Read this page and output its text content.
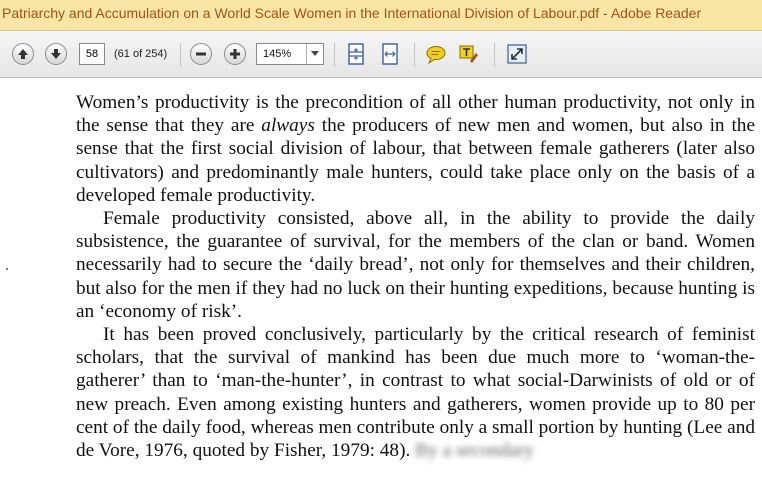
Patriarchy and Accumulation on a World Scale Women in the International Division of Labour.pdf - Adobe Reader
58	(61 of 254)	145%

Women’s productivity is the precondition of all other human productivity, not only in the sense that they are always the producers of new men and women, but also in the sense that the first social division of labour, that between female gatherers (later also cultivators) and predominantly male hunters, could take place only on the basis of a developed female productivity.

Female productivity consisted, above all, in the ability to provide the daily subsistence, the guarantee of survival, for the members of the clan or band. Women necessarily had to secure the ‘daily bread’, not only for themselves and their children, but also for the men if they had no luck on their hunting expeditions, because hunting is an ‘economy of risk’.

It has been proved conclusively, particularly by the critical research of feminist scholars, that the survival of mankind has been due much more to ‘woman-the-gatherer’ than to ‘man-the-hunter’, in contrast to what social-Darwinists of old or of new preach. Even among existing hunters and gatherers, women provide up to 80 per cent of the daily food, whereas men contribute only a small portion by hunting (Lee and de Vore, 1976, quoted by Fisher, 1979: 48). By a secondary
